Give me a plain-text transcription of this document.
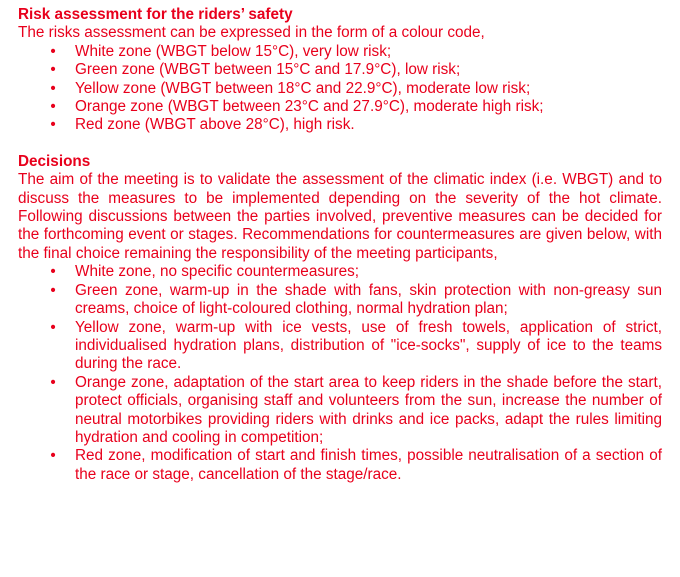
Risk assessment for the riders’ safety

The risks assessment can be expressed in the form of a colour code,

• White zone (WBGT below 15°C), very low risk;
• Green zone (WBGT between 15°C and 17.9°C), low risk;
• Yellow zone (WBGT between 18°C and 22.9°C), moderate low risk;
• Orange zone (WBGT between 23°C and 27.9°C), moderate high risk;
• Red zone (WBGT above 28°C), high risk.

Decisions

The aim of the meeting is to validate the assessment of the climatic index (i.e. WBGT) and to discuss the measures to be implemented depending on the severity of the hot climate. Following discussions between the parties involved, preventive measures can be decided for the forthcoming event or stages. Recommendations for countermeasures are given below, with the final choice remaining the responsibility of the meeting participants,

• White zone, no specific countermeasures;
• Green zone, warm-up in the shade with fans, skin protection with non-greasy sun creams, choice of light-coloured clothing, normal hydration plan;
• Yellow zone, warm-up with ice vests, use of fresh towels, application of strict, individualised hydration plans, distribution of "ice-socks", supply of ice to the teams during the race.
• Orange zone, adaptation of the start area to keep riders in the shade before the start, protect officials, organising staff and volunteers from the sun, increase the number of neutral motorbikes providing riders with drinks and ice packs, adapt the rules limiting hydration and cooling in competition;
• Red zone, modification of start and finish times, possible neutralisation of a section of the race or stage, cancellation of the stage/race.
